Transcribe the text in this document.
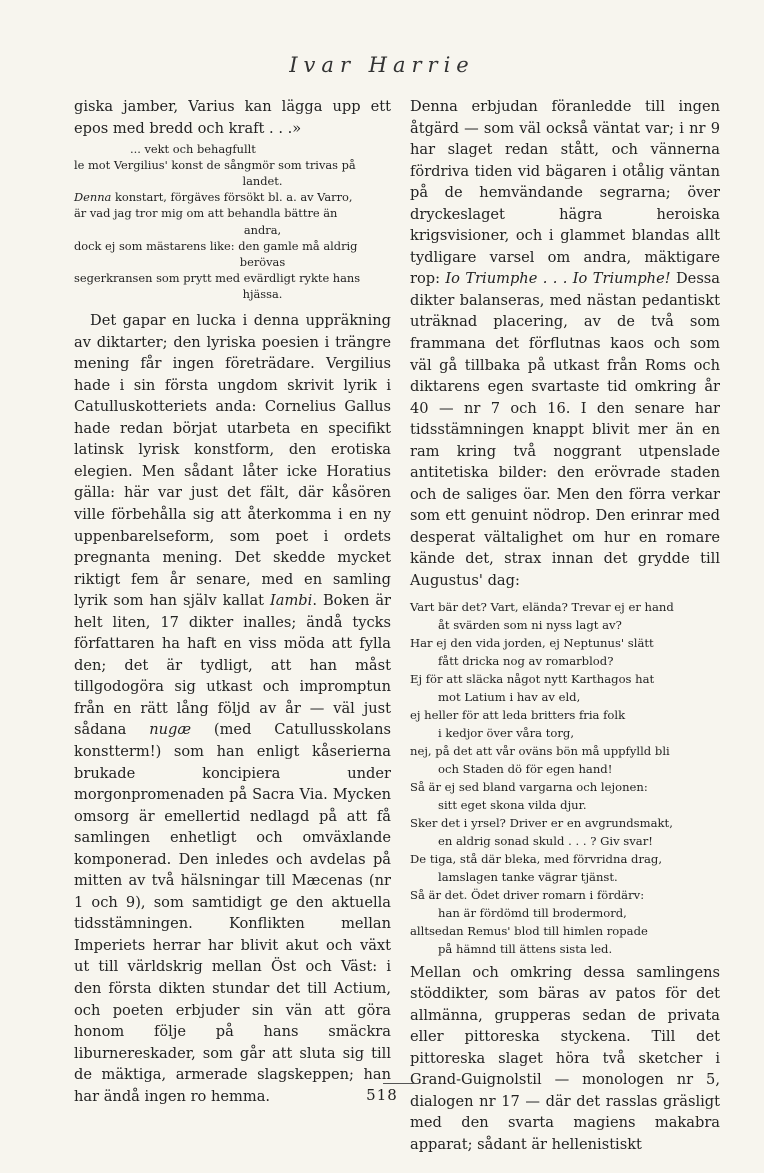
Ivar Harrie

giska jamber, Varius kan lägga upp ett epos med bredd och kraft . . .»

... vekt och behagfullt
le mot Vergilius' konst de sångmör som trivas på
landet.
Denna konstart, förgäves försökt bl. a. av Varro,
är vad jag tror mig om att behandla bättre än
andra,
dock ej som mästarens like: den gamle må aldrig
berövas
segerkransen som prytt med evärdligt rykte hans
hjässa.

Det gapar en lucka i denna uppräkning av diktarter; den lyriska poesien i trängre mening får ingen företrädare. Vergilius hade i sin första ungdom skrivit lyrik i Catulluskotteriets anda: Cornelius Gallus hade redan börjat utarbeta en specifikt latinsk lyrisk konstform, den erotiska elegien. Men sådant låter icke Horatius gälla: här var just det fält, där kåsören ville förbehålla sig att återkomma i en ny uppenbarelseform, som poet i ordets pregnanta mening. Det skedde mycket riktigt fem år senare, med en samling lyrik som han själv kallat Iambi. Boken är helt liten, 17 dikter inalles; ändå tycks författaren ha haft en viss möda att fylla den; det är tydligt, att han måst tillgodogöra sig utkast och impromptun från en rätt lång följd av år — väl just sådana nugæ (med Catullusskolans konstterm!) som han enligt kåserierna brukade koncipiera under morgonpromenaden på Sacra Via. Mycken omsorg är emellertid nedlagd på att få samlingen enhetligt och omväxlande komponerad. Den inledes och avdelas på mitten av två hälsningar till Mæcenas (nr 1 och 9), som samtidigt ge den aktuella tidsstämningen. Konflikten mellan Imperiets herrar har blivit akut och växt ut till världskrig mellan Öst och Väst: i den första dikten stundar det till Actium, och poeten erbjuder sin vän att göra honom följe på hans smäckra liburnereskader, som går att sluta sig till de mäktiga, armerade slagskeppen; han har ändå ingen ro hemma.

Denna erbjudan föranledde till ingen åtgärd — som väl också väntat var; i nr 9 har slaget redan stått, och vännerna fördriva tiden vid bägaren i otålig väntan på de hemvändande segrarna; över dryckeslaget hägra heroiska krigsvisioner, och i glammet blandas allt tydligare varsel om andra, mäktigare rop: Io Triumphe . . . Io Triumphe! Dessa dikter balanseras, med nästan pedantiskt uträknad placering, av de två som frammana det förflutnas kaos och som väl gå tillbaka på utkast från Roms och diktarens egen svartaste tid omkring år 40 — nr 7 och 16. I den senare har tidsstämningen knappt blivit mer än en ram kring två noggrant utpenslade antitetiska bilder: den erövrade staden och de saliges öar. Men den förra verkar som ett genuint nödrop. Den erinrar med desperat vältalighet om hur en romare kände det, strax innan det grydde till Augustus' dag:

Vart bär det? Vart, eländа? Trevar ej er hand
åt svärden som ni nyss lagt av?
Har ej den vida jorden, ej Neptunus' slätt
fått dricka nog av romarblod?
Ej för att släcka något nytt Karthagos hat
mot Latium i hav av eld,
ej heller för att leda britters fria folk
i kedjor över våra torg,
nej, på det att vår oväns bön må uppfylld bli
och Staden dö för egen hand!
Så är ej sed bland vargarna och lejonen:
sitt eget skona vilda djur.
Sker det i yrsel? Driver er en avgrundsmakt,
en aldrig sonad skuld . . . ? Giv svar!
De tiga, stå där bleka, med förvridna drag,
lamslagen tanke vägrar tjänst.
Så är det. Ödet driver romarn i fördärv:
han är fördömd till brodermord,
alltsedan Remus' blod till himlen ropade
på hämnd till ättens sista led.

Mellan och omkring dessa samlingens stöddikter, som bäras av patos för det allmänna, grupperas sedan de privata eller pittoreska styckena. Till det pittoreska slaget höra två sketcher i Grand-Guignolstil — monologen nr 5, dialogen nr 17 — där det rasslas gräsligt med den svarta magiens makabra apparat; sådant är hellenistiskt

518
